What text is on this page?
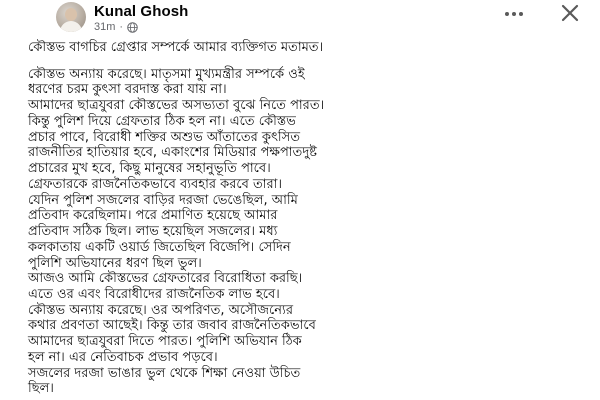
Kunal Ghosh
31m ·

কৌস্তভ বাগচির গ্রেপ্তার সম্পর্কে আমার ব্যক্তিগত মতামত।

কৌস্তভ অন্যায় করেছে। মাতৃসমা মুখ্যমন্ত্রীর সম্পর্কে ওই
ধরণের চরম কুৎসা বরদাস্ত করা যায় না।
আমাদের ছাত্রযুবরা কৌস্তভের অসভ্যতা বুঝে নিতে পারত।
কিন্তু পুলিশ দিয়ে গ্রেফতার ঠিক হল না। এতে কৌস্তভ
প্রচার পাবে, বিরোধী শক্তির অশুভ আঁতাতের কুৎসিত
রাজনীতির হাতিয়ার হবে, একাংশের মিডিয়ার পক্ষপাতদুষ্ট
প্রচারের মুখ হবে, কিছু মানুষের সহানুভূতি পাবে।
গ্রেফতারকে রাজনৈতিকভাবে ব্যবহার করবে তারা।
যেদিন পুলিশ সজলের বাড়ির দরজা ভেঙেছিল, আমি
প্রতিবাদ করেছিলাম। পরে প্রমাণিত হয়েছে আমার
প্রতিবাদ সঠিক ছিল। লাভ হয়েছিল সজলের। মধ্য
কলকাতায় একটি ওয়ার্ড জিতেছিল বিজেপি। সেদিন
পুলিশি অভিযানের ধরণ ছিল ভুল।
আজও আমি কৌস্তভের গ্রেফতারের বিরোধিতা করছি।
এতে ওর এবং বিরোধীদের রাজনৈতিক লাভ হবে।
কৌস্তভ অন্যায় করেছে। ওর অপরিণত, অসৌজন্যের
কথার প্রবণতা আছেই। কিন্তু তার জবাব রাজনৈতিকভাবে
আমাদের ছাত্রযুবরা দিতে পারত। পুলিশি অভিযান ঠিক
হল না। এর নেতিবাচক প্রভাব পড়বে।
সজলের দরজা ভাঙার ভুল থেকে শিক্ষা নেওয়া উচিত
ছিল।
